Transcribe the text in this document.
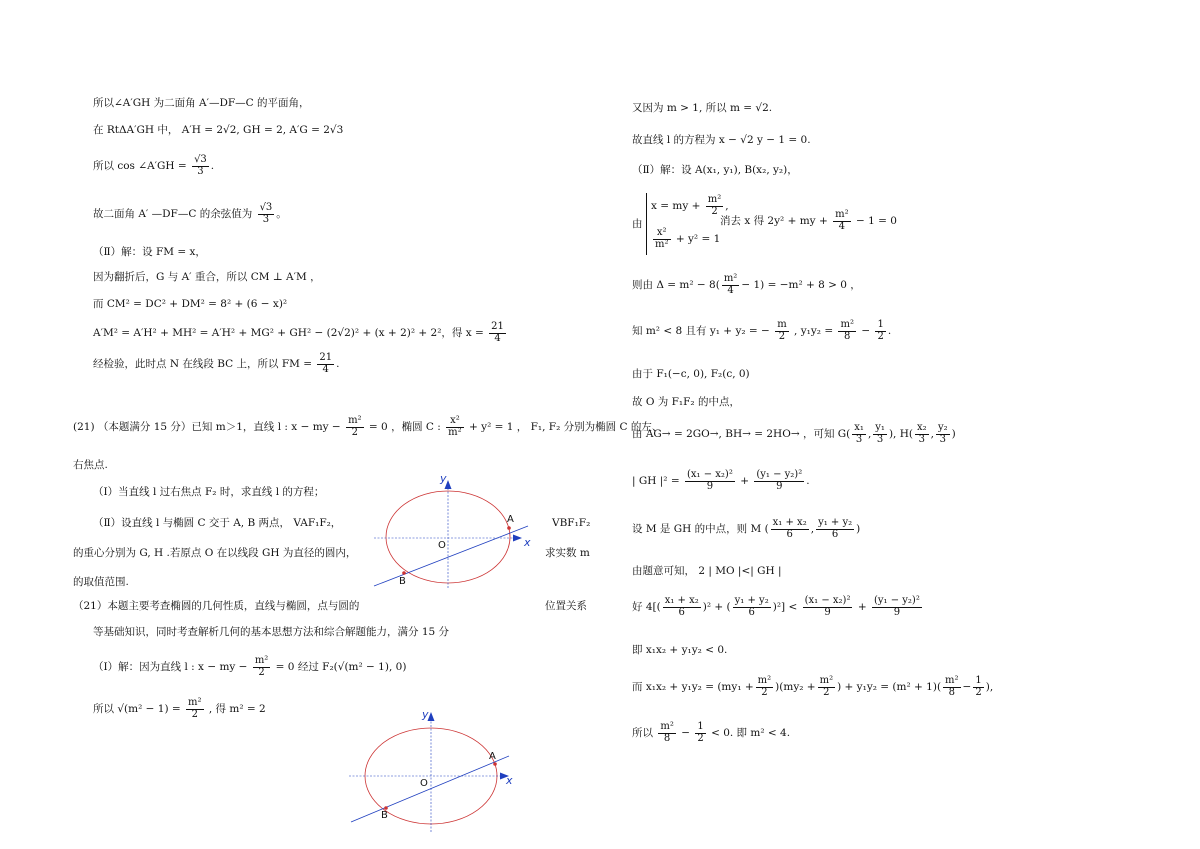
所以∠A′GH 为二面角 A′—DF—C 的平面角，
在 RtΔA′GH 中， A′H = 2√2, GH = 2, A′G = 2√3
所以 cos ∠A′GH = $\frac{√3}{3}$ .
故二面角 A′ —DF—C 的余弦值为 $\frac{√3}{3}$ 。
（Ⅱ）解：设 FM = x，
因为翻折后，G 与 A′ 重合，所以 CM ⊥ A′M ，
而 CM² = DC² + DM² = 8² + (6 − x)²
A′M² = A′H² + MH² = A′H² + MG² + GH² − (2√2)² + (x + 2)² + 2²，得 $x = \frac{21}{4}$
经检验，此时点 N 在线段 BC 上，所以 FM = $\frac{21}{4}$ .
(21) （本题满分 15 分）已知 m＞1，直线 l : x − my − $\frac{\text{m²}}{2} = 0$ ，椭圆 C : $\frac{\text{x²}}{\text{m²}} + y^2 = 1$ ， F₁, F₂ 分别为椭圆 C 的左、
右焦点.
（Ⅰ）当直线 l 过右焦点 F₂ 时，求直线 l 的方程；
（Ⅱ）设直线 l 与椭圆 C 交于 A, B 两点， VAF₁F₂，	VBF₁F₂
的重心分别为 G, H .若原点 O 在以线段 GH 为直径的圆内，	求实数 m
的取值范围.
（21）本题主要考查椭圆的几何性质，直线与椭圆，点与圆的	位置关系
等基础知识，同时考查解析几何的基本思想方法和综合解题能力，满分 15 分
（Ⅰ）解：因为直线 l : x − my − $\frac{\text{m²}}{2} = 0$ 经过 F₂(√(m² − 1), 0)
所以 $√(m^2 - 1) = \frac{\text{m²}}{2}$ , 得 m² = 2
y
x
O
A
B
y
x
O
A
B
又因为 m > 1, 所以 m = √2.
故直线 l 的方程为 x − √2 y − 1 = 0.
（Ⅱ）解：设 A(x₁, y₁), B(x₂, y₂)，
由
x = my + $\frac{\text{m²}}{2}$ ,
$\frac{\text{x²}}{\text{m²}} + y^2 = 1$
消去 x 得 2y² + my + $\frac{\text{m²}}{4} - 1 = 0$
则由 $\Delta = m^2 - 8( \frac{\text{m²}}{4} - 1) = -m^2 + 8 > 0$ ，
知 m² < 8 且有 y₁ + y₂ = − $\frac{m}{2}$ , $y_1y_2 = \frac{\text{m²}}{8} - \frac{1}{2}$ .
由于 F₁(−c, 0), F₂(c, 0)
故 O 为 F₁F₂ 的中点，
由 AG→ = 2GO→, BH→ = 2HO→ ，可知 $G( \frac{\text{x₁}}{3}$ , $\frac{\text{y₁}}{3}$ ), $H( \frac{\text{x₂}}{3}$ , $\frac{\text{y₂}}{3}$ )
| GH $|^2 = \frac{\text{(x₁ − x₂)²}}{9} + \frac{\text{(y₁ − y₂)²}}{9}$ .
设 M 是 GH 的中点，则 M ( $\frac{\text{x₁ + x₂}}{6}$ , $\frac{\text{y₁ + y₂}}{6}$ )
由题意可知， 2 | MO |<| GH |
好 $4[( \frac{\text{x₁ + x₂}}{6} )^2$ + ( $\frac{\text{y₁ + y₂}}{6} )^2] < \frac{\text{(x₁ − x₂)²}}{9} + \frac{\text{(y₁ − y₂)²}}{9}$
即 x₁x₂ + y₁y₂ < 0.
而 $x_1x_2 + y_1y_2 = (my_1 + \frac{\text{m²}}{2} )(my_2 + \frac{\text{m²}}{2}$ ) + $y_1y_2 = (m^2 + 1)( \frac{\text{m²}}{8} - \frac{1}{2}$ ),
所以 $\frac{\text{m²}}{8} - \frac{1}{2} < 0$. 即 m² < 4.
